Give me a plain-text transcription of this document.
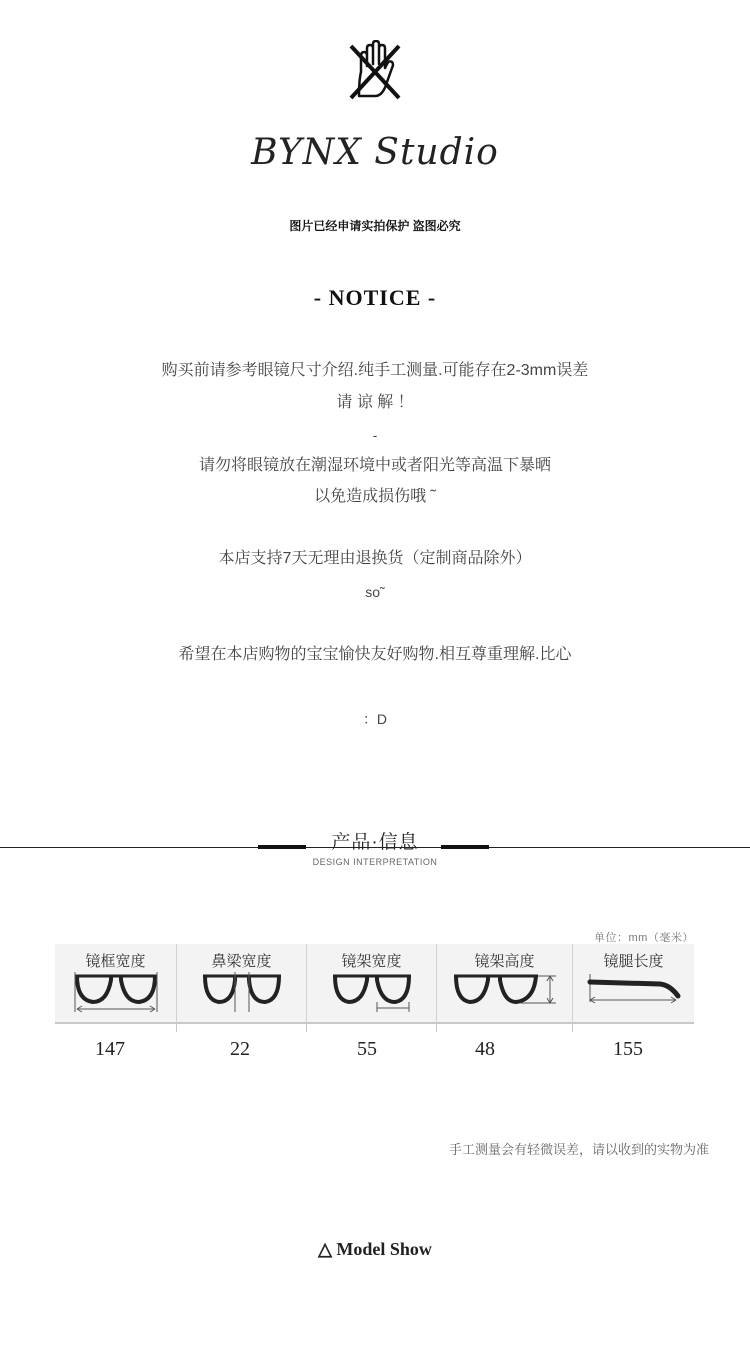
BYNX Studio
图片已经申请实拍保护 盗图必究
- NOTICE -
购买前请参考眼镜尺寸介绍.纯手工测量.可能存在2-3mm误差
请 谅 解 ！
-
请勿将眼镜放在潮湿环境中或者阳光等高温下暴晒
以免造成损伤哦 ˜
本店支持7天无理由退换货（定制商品除外）
so˜
希望在本店购物的宝宝愉快友好购物.相互尊重理解.比心
：D
产品·信息
DESIGN INTERPRETATION
单位：mm（毫米）
镜框宽度	鼻梁宽度	镜架宽度	镜架高度	镜腿长度
147	22	55	48	155
手工测量会有轻微误差，请以收到的实物为准
△ Model Show
